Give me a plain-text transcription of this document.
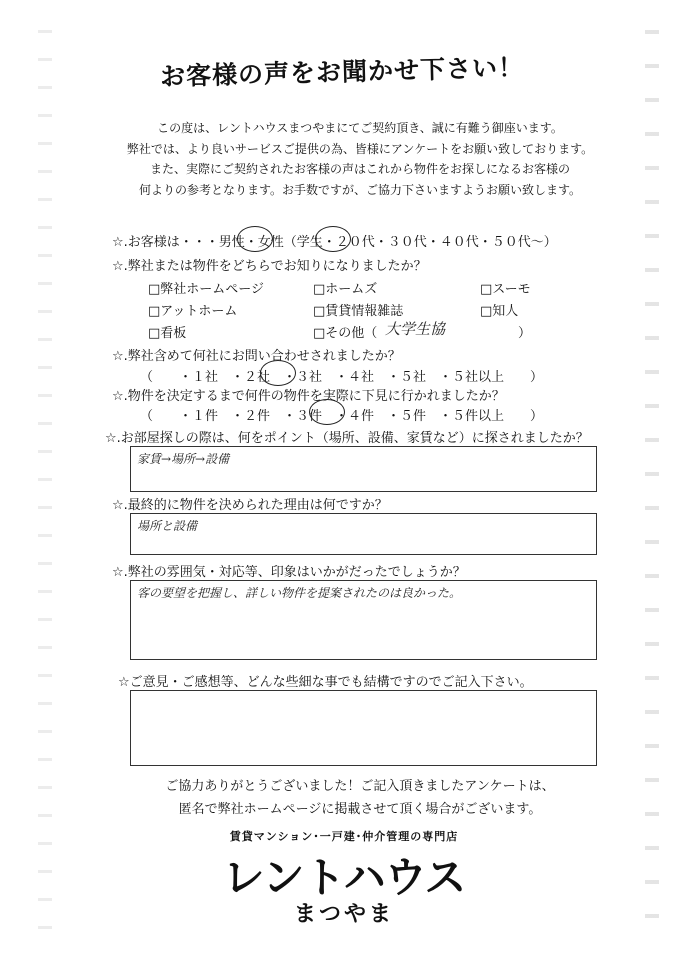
お客様の声をお聞かせ下さい！
この度は、レントハウスまつやまにてご契約頂き、誠に有難う御座います。
弊社では、より良いサービスご提供の為、皆様にアンケートをお願い致しております。
また、実際にご契約されたお客様の声はこれから物件をお探しになるお客様の
何よりの参考となります。お手数ですが、ご協力下さいますようお願い致します。
☆.お客様は・・・男性・女性（学生・２０代・３０代・４０代・５０代～）
☆.弊社または物件をどちらでお知りになりましたか？
□弊社ホームページ	□ホームズ	□スーモ
□アットホーム	□賃貸情報雑誌	□知人
□看板	□その他（ 大学生協	）
☆.弊社含めて何社にお問い合わせされましたか？
（　　・１社　・２社　・３社　・４社　・５社　・５社以上　　）
☆.物件を決定するまで何件の物件を実際に下見に行かれましたか？
（　　・１件　・２件　・３件　・４件　・５件　・５件以上　　）
☆.お部屋探しの際は、何をポイント（場所、設備、家賃など）に探されましたか？
家賃→場所→設備
☆.最終的に物件を決められた理由は何ですか？
場所と設備
☆.弊社の雰囲気・対応等、印象はいかがだったでしょうか？
客の要望を把握し、詳しい物件を提案されたのは良かった。
☆ご意見・ご感想等、どんな些細な事でも結構ですのでご記入下さい。
ご協力ありがとうございました！ご記入頂きましたアンケートは、
匿名で弊社ホームページに掲載させて頂く場合がございます。
賃貸マンション･一戸建･仲介管理の専門店
レントハウス
まつやま
